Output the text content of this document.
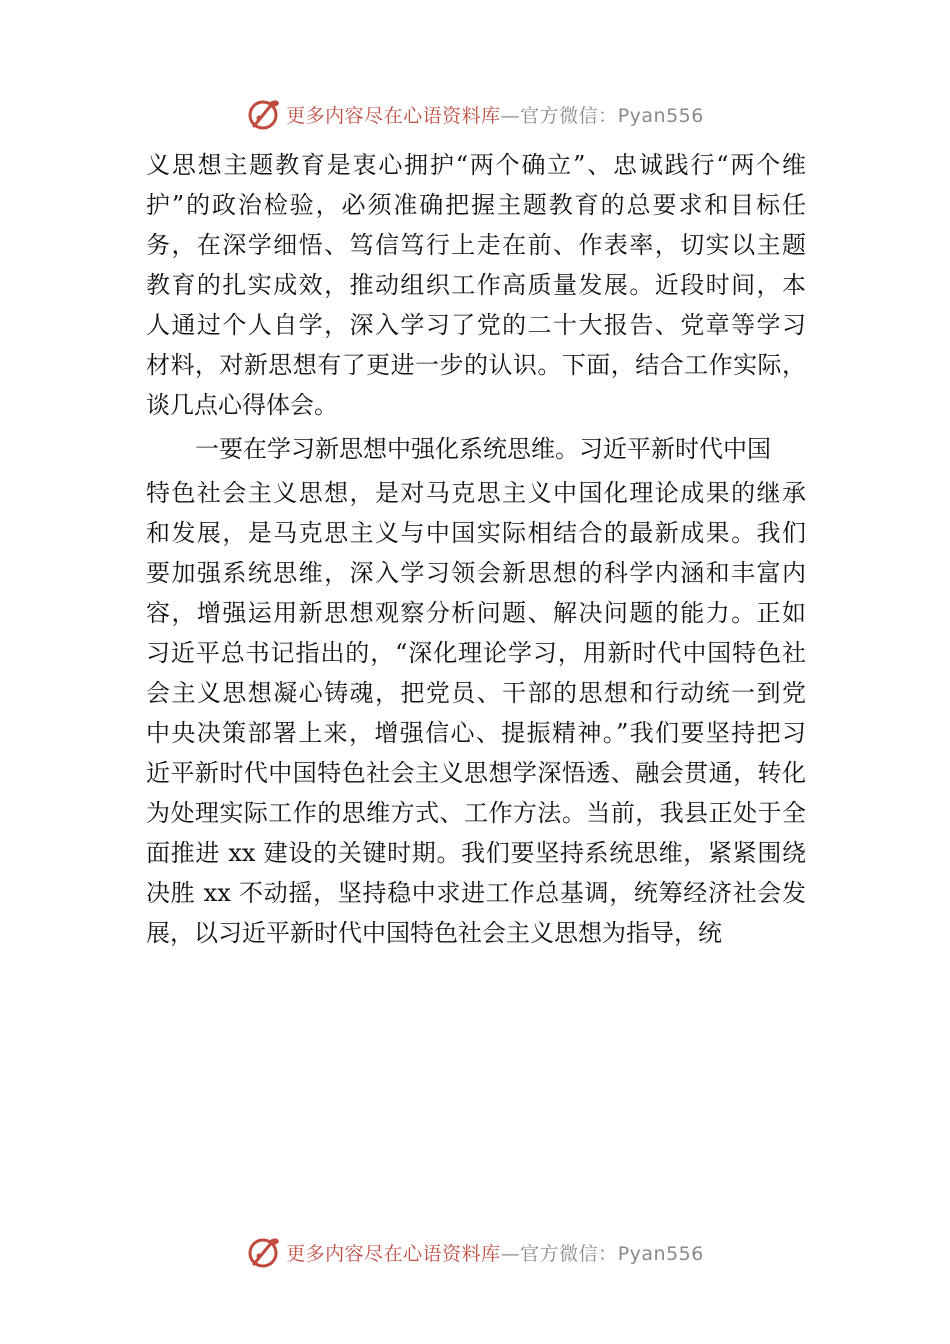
更多内容尽在心语资料库—官方微信：Pyan556
义思想主题教育是衷心拥护“两个确立”、忠诚践行“两个维
护”的政治检验，必须准确把握主题教育的总要求和目标任
务，在深学细悟、笃信笃行上走在前、作表率，切实以主题
教育的扎实成效，推动组织工作高质量发展。近段时间，本
人通过个人自学，深入学习了党的二十大报告、党章等学习
材料，对新思想有了更进一步的认识。下面，结合工作实际，
谈几点心得体会。
一要在学习新思想中强化系统思维。习近平新时代中国
特色社会主义思想，是对马克思主义中国化理论成果的继承
和发展，是马克思主义与中国实际相结合的最新成果。我们
要加强系统思维，深入学习领会新思想的科学内涵和丰富内
容，增强运用新思想观察分析问题、解决问题的能力。正如
习近平总书记指出的，“深化理论学习，用新时代中国特色社
会主义思想凝心铸魂，把党员、干部的思想和行动统一到党
中央决策部署上来，增强信心、提振精神。”我们要坚持把习
近平新时代中国特色社会主义思想学深悟透、融会贯通，转化
为处理实际工作的思维方式、工作方法。当前，我县正处于全
面推进 xx 建设的关键时期。我们要坚持系统思维，紧紧围绕
决胜 xx 不动摇，坚持稳中求进工作总基调，统筹经济社会发
展，以习近平新时代中国特色社会主义思想为指导，统
更多内容尽在心语资料库—官方微信：Pyan556
